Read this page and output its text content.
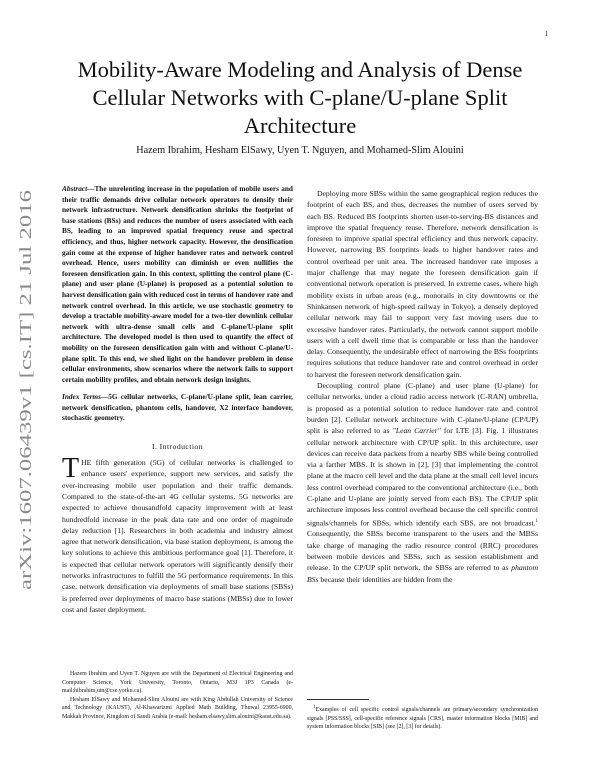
1
arXiv:1607.06439v1 [cs.IT] 21 Jul 2016
Mobility-Aware Modeling and Analysis of Dense
Cellular Networks with C-plane/U-plane Split
Architecture

Hazem Ibrahim, Hesham ElSawy, Uyen T. Nguyen, and Mohamed-Slim Alouini

Abstract—The unrelenting increase in the population of mobile users and their traffic demands drive cellular network operators to densify their network infrastructure. Network densification shrinks the footprint of base stations (BSs) and reduces the number of users associated with each BS, leading to an improved spatial frequency reuse and spectral efficiency, and thus, higher network capacity. However, the densification gain come at the expense of higher handover rates and network control overhead. Hence, users mobility can diminish or even nullifies the foreseen densification gain. In this context, splitting the control plane (C-plane) and user plane (U-plane) is proposed as a potential solution to harvest densification gain with reduced cost in terms of handover rate and network control overhead. In this article, we use stochastic geometry to develop a tractable mobility-aware model for a two-tier downlink cellular network with ultra-dense small cells and C-plane/U-plane split architecture. The developed model is then used to quantify the effect of mobility on the foreseen densification gain with and without C-plane/U-plane split. To this end, we shed light on the handover problem in dense cellular environments, show scenarios where the network fails to support certain mobility profiles, and obtain network design insights.

Index Terms—5G cellular networks, C-plane/U-plane split, lean carrier, network densification, phantom cells, handover, X2 interface handover, stochastic geometry.

I. Introduction

THE fifth generation (5G) of cellular networks is challenged to enhance users' experience, support new services, and satisfy the ever-increasing mobile user population and their traffic demands. Compared to the state-of-the-art 4G cellular systems, 5G networks are expected to achieve thousandfold capacity improvement with at least hundredfold increase in the peak data rate and one order of magnitude delay reduction [1]. Researchers in both academia and industry almost agree that network densification, via base station deployment, is among the key solutions to achieve this ambitious performance goal [1]. Therefore, it is expected that cellular network operators will significantly densify their networks infrastructures to fulfill the 5G performance requirements. In this case, network densification via deployments of small base stations (SBSs) is preferred over deployments of macro base stations (MBSs) due to lower cost and faster deployment.

Hazem Ibrahim and Uyen T. Nguyen are with the Department of Electrical Engineering and Computer Science, York University, Toronto, Ontario, M3J 1P3 Canada (e-mail:hibrahim,utn@cse.yorku.ca).

Hesham ElSawy and Mohamed-Slim Alouini are with King Abdullah University of Science and Technology (KAUST), Al-Khawarizmi Applied Math Building, Thuwal 23955-6900, Makkah Province, Kingdom of Saudi Arabia (e-mail: hesham.elsawy,slim.alouini@kaust.edu.sa).

Deploying more SBSs within the same geographical region reduces the footprint of each BS, and thus, decreases the number of users served by each BS. Reduced BS footprints shorten user-to-serving-BS distances and improve the spatial frequency reuse. Therefore, network densification is foreseen to improve spatial spectral efficiency and thus network capacity. However, narrowing BS footprints leads to higher handover rates and control overhead per unit area. The increased handover rate imposes a major challenge that may negate the foreseen densification gain if conventional network operation is preserved. In extreme cases, where high mobility exists in urban areas (e.g., monorails in city downtowns or the Shinkansen network of high-speed railway in Tokyo), a densely deployed cellular network may fail to support very fast moving users due to excessive handover rates. Particularly, the network cannot support mobile users with a cell dwell time that is comparable or less than the handover delay. Consequently, the undesirable effect of narrowing the BSs footprints requires solutions that reduce handover rate and control overhead in order to harvest the foreseen network densification gain.

Decoupling control plane (C-plane) and user plane (U-plane) for cellular networks, under a cloud radio access network (C-RAN) umbrella, is proposed as a potential solution to reduce handover rate and control burden [2]. Cellular network architecture with C-plane/U-plane (CP/UP) split is also referred to as "Lean Carrier" for LTE [3]. Fig. 1 illustrates cellular network architecture with CP/UP split. In this architecture, user devices can receive data packets from a nearby SBS while being controlled via a farther MBS. It is shown in [2], [3] that implementing the control plane at the macro cell level and the data plane at the small cell level incurs less control overhead compared to the conventional architecture (i.e., both C-plane and U-plane are jointly served from each BS). The CP/UP split architecture imposes less control overhead because the cell specific control signals/channels for SBSs, which identify each SBS, are not broadcast.$^1$ Consequently, the SBSs become transparent to the users and the MBSs take charge of managing the radio resource control (RRC) procedures between mobile devices and SBSs, such as session establishment and release. In the CP/UP split network, the SBSs are referred to as phantom BSs because their identities are hidden from the

$^1$Examples of cell specific control signals/channels are primary/secondary synchronization signals [PSS/SSS], cell-specific reference signals [CRS], master information blocks [MIB] and system information blocks [SIB] (see [2], [3] for details).
